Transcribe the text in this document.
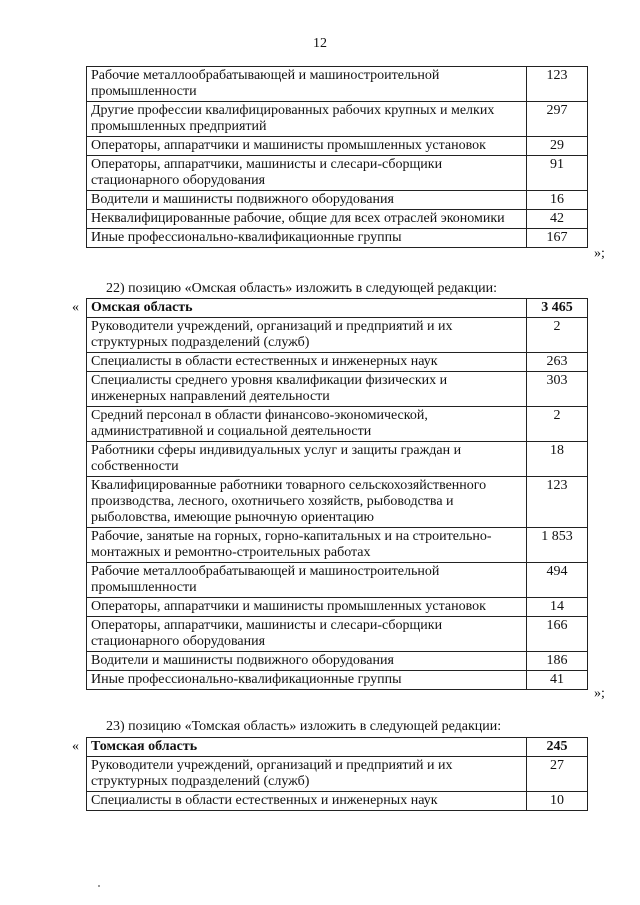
12
Рабочие металлообрабатывающей и машиностроительной промышленности	123
Другие профессии квалифицированных рабочих крупных и мелких промышленных предприятий	297
Операторы, аппаратчики и машинисты промышленных установок	29
Операторы, аппаратчики, машинисты и слесари-сборщики стационарного оборудования	91
Водители и машинисты подвижного оборудования	16
Неквалифицированные рабочие, общие для всех отраслей экономики	42
Иные профессионально-квалификационные группы	167
»;
22) позицию «Омская область» изложить в следующей редакции:
« Омская область	3 465
Руководители учреждений, организаций и предприятий и их структурных подразделений (служб)	2
Специалисты в области естественных и инженерных наук	263
Специалисты среднего уровня квалификации физических и инженерных направлений деятельности	303
Средний персонал в области финансово-экономической, административной и социальной деятельности	2
Работники сферы индивидуальных услуг и защиты граждан и собственности	18
Квалифицированные работники товарного сельскохозяйственного производства, лесного, охотничьего хозяйств, рыбоводства и рыболовства, имеющие рыночную ориентацию	123
Рабочие, занятые на горных, горно-капитальных и на строительно-монтажных и ремонтно-строительных работах	1 853
Рабочие металлообрабатывающей и машиностроительной промышленности	494
Операторы, аппаратчики и машинисты промышленных установок	14
Операторы, аппаратчики, машинисты и слесари-сборщики стационарного оборудования	166
Водители и машинисты подвижного оборудования	186
Иные профессионально-квалификационные группы	41
»;
23) позицию «Томская область» изложить в следующей редакции:
« Томская область	245
Руководители учреждений, организаций и предприятий и их структурных подразделений (служб)	27
Специалисты в области естественных и инженерных наук	10
